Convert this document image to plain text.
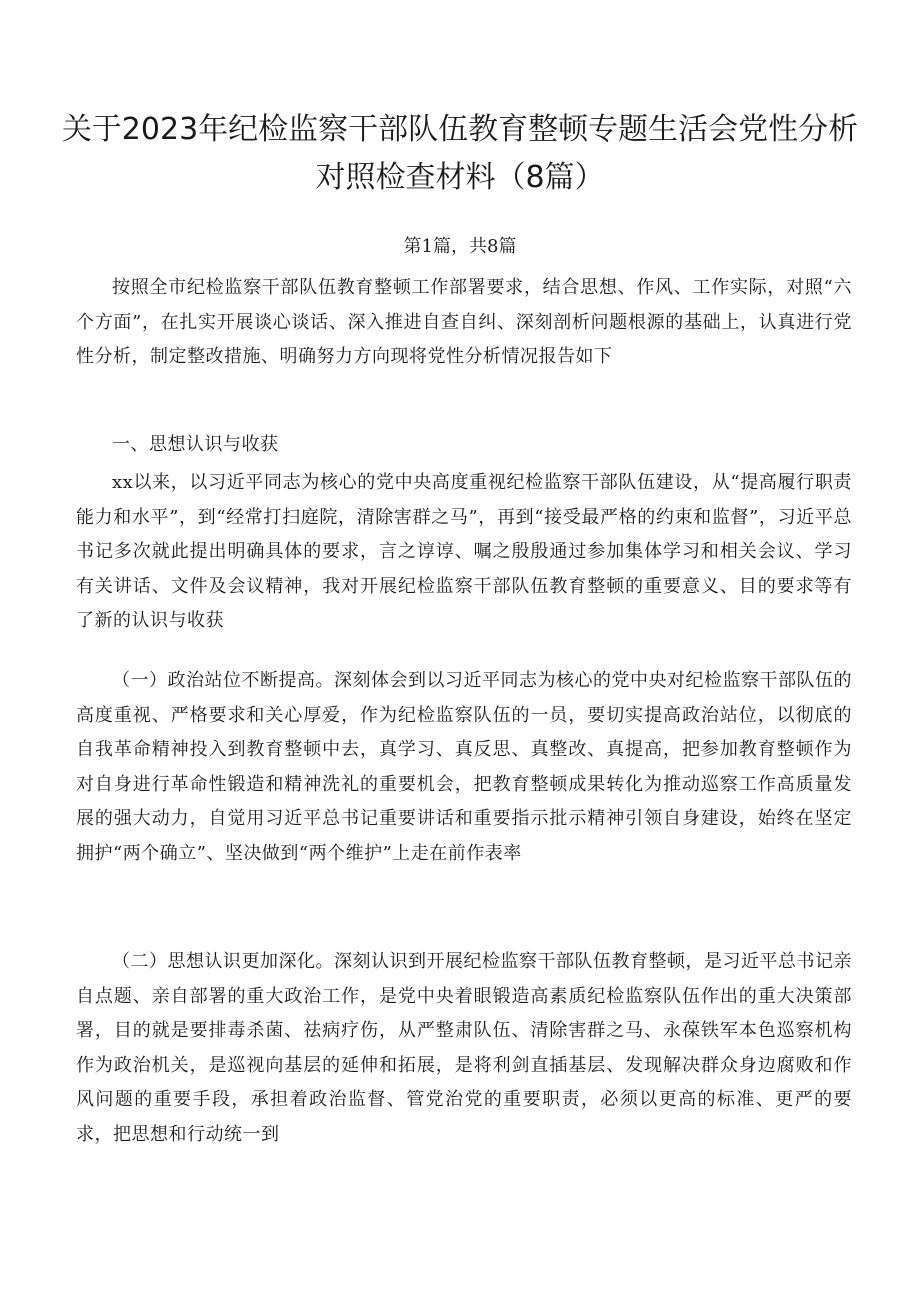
关于2023年纪检监察干部队伍教育整顿专题生活会党性分析对照检查材料（8篇）

第1篇，共8篇

按照全市纪检监察干部队伍教育整顿工作部署要求，结合思想、作风、工作实际，对照“六个方面”，在扎实开展谈心谈话、深入推进自查自纠、深刻剖析问题根源的基础上，认真进行党性分析，制定整改措施、明确努力方向现将党性分析情况报告如下

一、思想认识与收获

xx以来，以习近平同志为核心的党中央高度重视纪检监察干部队伍建设，从“提高履行职责能力和水平”，到“经常打扫庭院，清除害群之马”，再到“接受最严格的约束和监督”，习近平总书记多次就此提出明确具体的要求，言之谆谆、嘱之殷殷通过参加集体学习和相关会议、学习有关讲话、文件及会议精神，我对开展纪检监察干部队伍教育整顿的重要意义、目的要求等有了新的认识与收获

（一）政治站位不断提高。深刻体会到以习近平同志为核心的党中央对纪检监察干部队伍的高度重视、严格要求和关心厚爱，作为纪检监察队伍的一员，要切实提高政治站位，以彻底的自我革命精神投入到教育整顿中去，真学习、真反思、真整改、真提高，把参加教育整顿作为对自身进行革命性锻造和精神洗礼的重要机会，把教育整顿成果转化为推动巡察工作高质量发展的强大动力，自觉用习近平总书记重要讲话和重要指示批示精神引领自身建设，始终在坚定拥护“两个确立”、坚决做到“两个维护”上走在前作表率

（二）思想认识更加深化。深刻认识到开展纪检监察干部队伍教育整顿，是习近平总书记亲自点题、亲自部署的重大政治工作，是党中央着眼锻造高素质纪检监察队伍作出的重大决策部署，目的就是要排毒杀菌、祛病疗伤，从严整肃队伍、清除害群之马、永葆铁军本色巡察机构作为政治机关，是巡视向基层的延伸和拓展，是将利剑直插基层、发现解决群众身边腐败和作风问题的重要手段，承担着政治监督、管党治党的重要职责，必须以更高的标准、更严的要求，把思想和行动统一到
